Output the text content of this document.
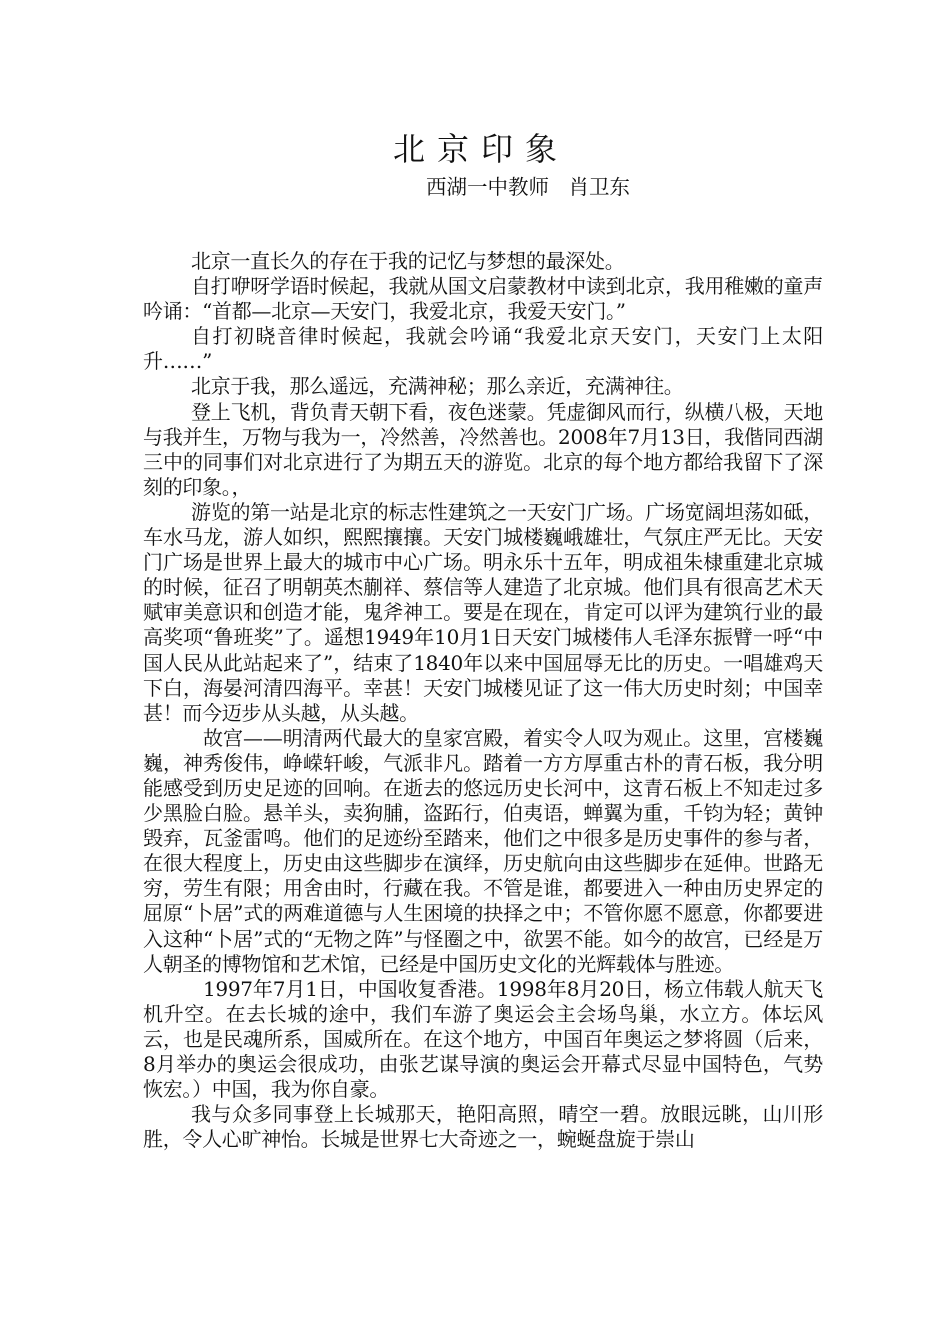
北京印象
西湖一中教师   肖卫东

北京一直长久的存在于我的记忆与梦想的最深处。

自打咿呀学语时候起，我就从国文启蒙教材中读到北京，我用稚嫩的童声吟诵：“首都—北京—天安门，我爱北京，我爱天安门。”

自打初晓音律时候起，我就会吟诵“我爱北京天安门，天安门上太阳升……”

北京于我，那么遥远，充满神秘；那么亲近，充满神往。

登上飞机，背负青天朝下看，夜色迷蒙。凭虚御风而行，纵横八极，天地与我并生，万物与我为一，冷然善，冷然善也。2008年7月13日，我偕同西湖三中的同事们对北京进行了为期五天的游览。北京的每个地方都给我留下了深刻的印象。，

游览的第一站是北京的标志性建筑之一天安门广场。广场宽阔坦荡如砥，车水马龙，游人如织，熙熙攘攘。天安门城楼巍峨雄壮，气氛庄严无比。天安门广场是世界上最大的城市中心广场。明永乐十五年，明成祖朱棣重建北京城的时候，征召了明朝英杰蒯祥、蔡信等人建造了北京城。他们具有很高艺术天赋审美意识和创造才能，鬼斧神工。要是在现在，肯定可以评为建筑行业的最高奖项“鲁班奖”了。遥想1949年10月1日天安门城楼伟人毛泽东振臂一呼“中国人民从此站起来了”，结束了1840年以来中国屈辱无比的历史。一唱雄鸡天下白，海晏河清四海平。幸甚！天安门城楼见证了这一伟大历史时刻；中国幸甚！而今迈步从头越，从头越。

故宫——明清两代最大的皇家宫殿，着实令人叹为观止。这里，宫楼巍巍，神秀俊伟，峥嵘轩峻，气派非凡。踏着一方方厚重古朴的青石板，我分明能感受到历史足迹的回响。在逝去的悠远历史长河中，这青石板上不知走过多少黑脸白脸。悬羊头，卖狗脯，盗跖行，伯夷语，蝉翼为重，千钧为轻；黄钟毁弃，瓦釜雷鸣。他们的足迹纷至踏来，他们之中很多是历史事件的参与者，在很大程度上，历史由这些脚步在演绎，历史航向由这些脚步在延伸。世路无穷，劳生有限；用舍由时，行藏在我。不管是谁，都要进入一种由历史界定的屈原“卜居”式的两难道德与人生困境的抉择之中；不管你愿不愿意，你都要进入这种“卜居”式的“无物之阵”与怪圈之中，欲罢不能。如今的故宫，已经是万人朝圣的博物馆和艺术馆，已经是中国历史文化的光辉载体与胜迹。

1997年7月1日，中国收复香港。1998年8月20日，杨立伟载人航天飞机升空。在去长城的途中，我们车游了奥运会主会场鸟巢，水立方。体坛风云，也是民魂所系，国威所在。在这个地方，中国百年奥运之梦将圆（后来，8月举办的奥运会很成功，由张艺谋导演的奥运会开幕式尽显中国特色，气势恢宏。）中国，我为你自豪。

我与众多同事登上长城那天，艳阳高照，晴空一碧。放眼远眺，山川形胜，令人心旷神怡。长城是世界七大奇迹之一，蜿蜒盘旋于崇山
